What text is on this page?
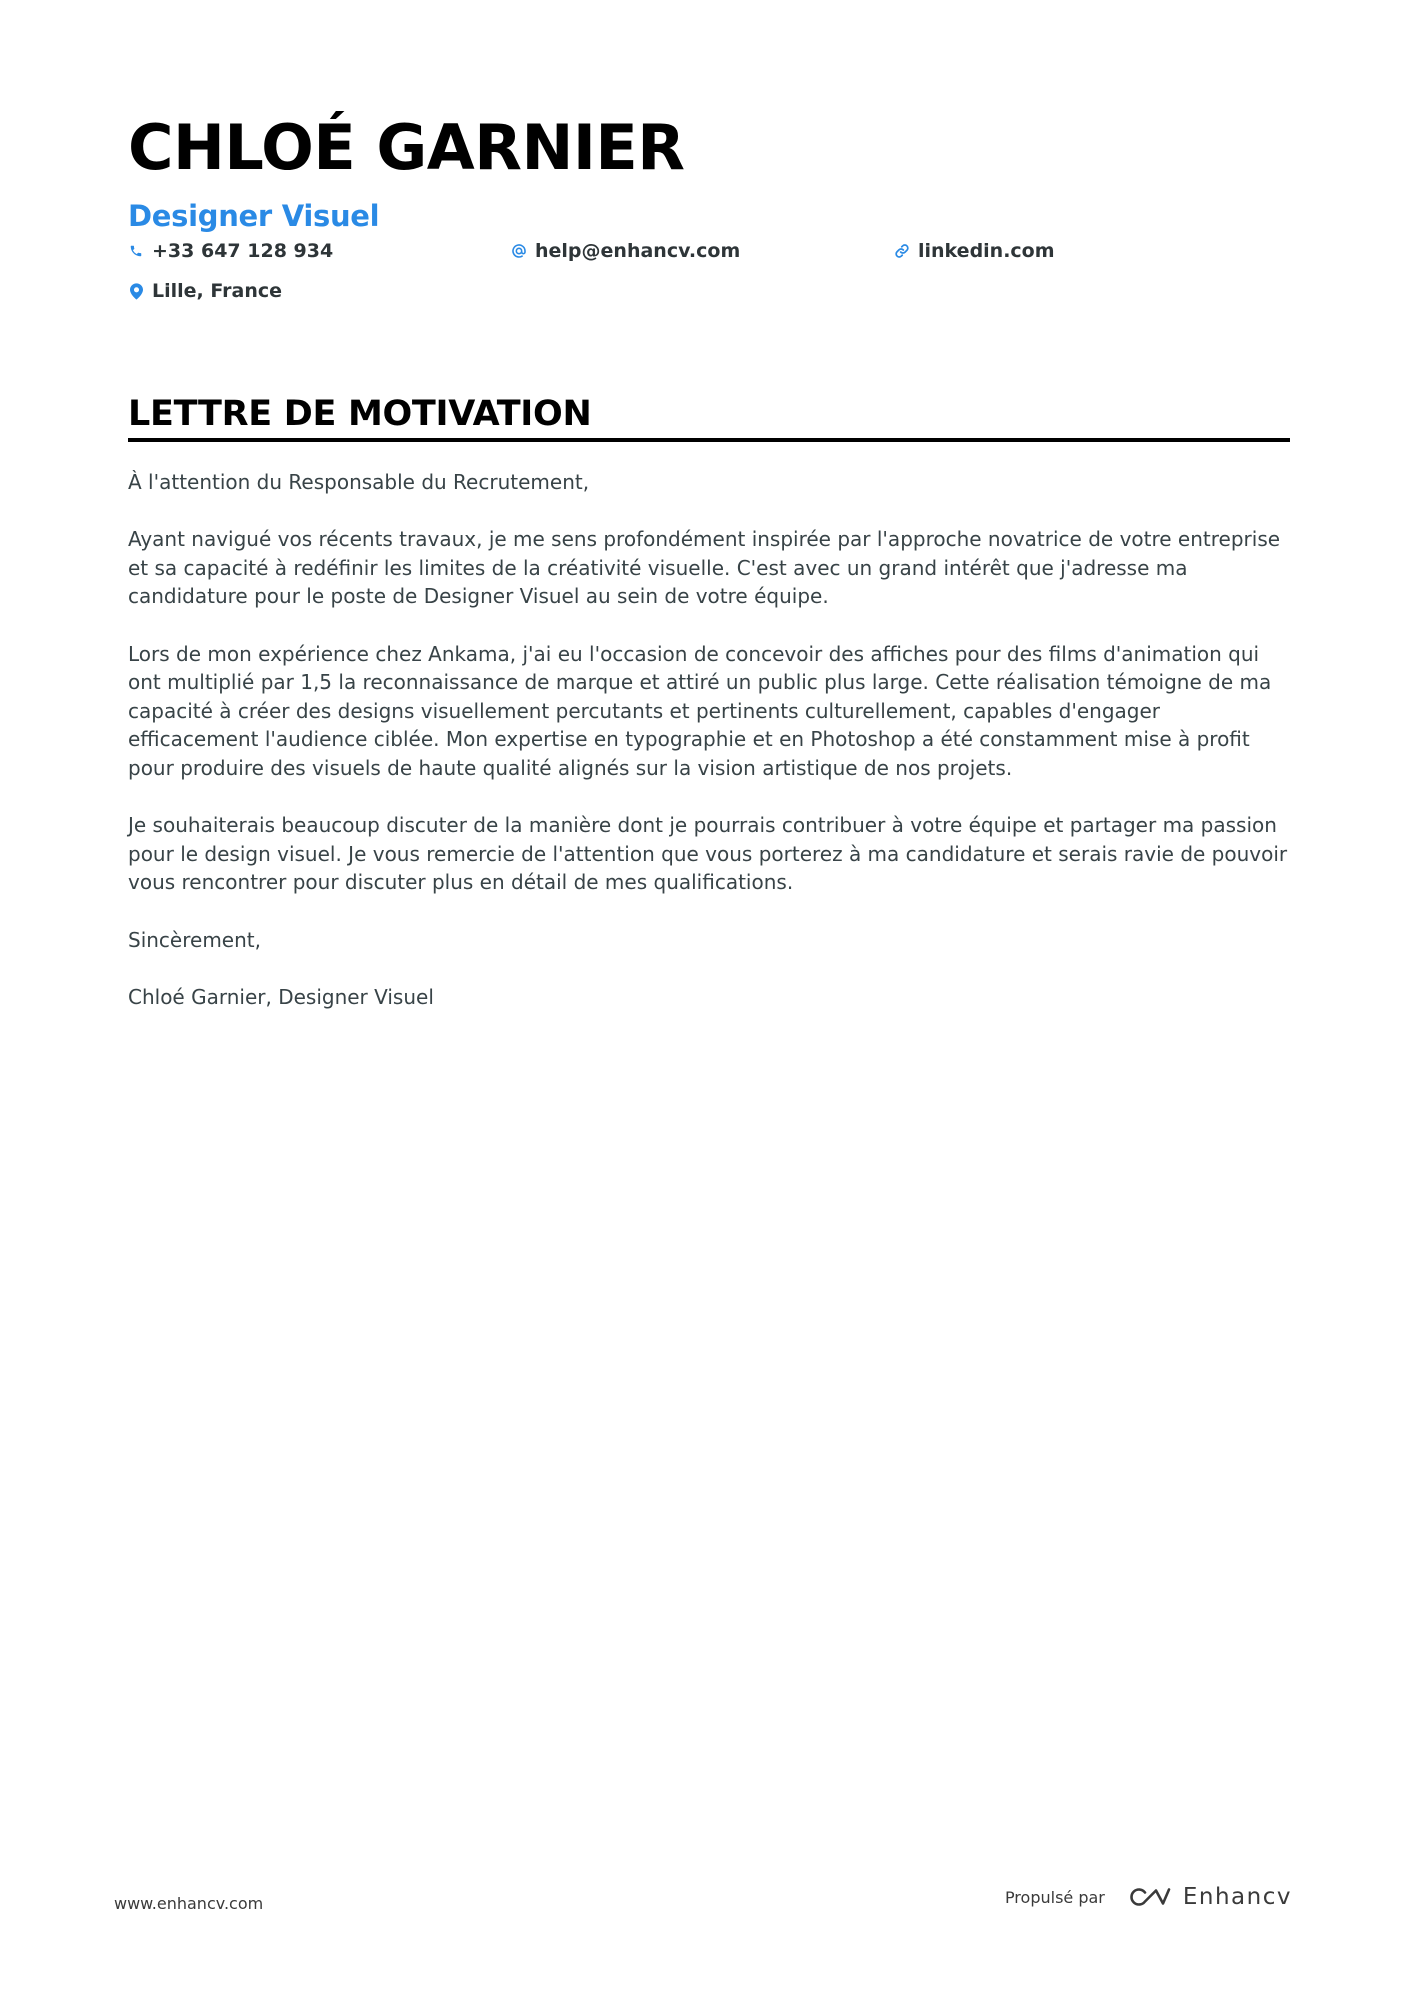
CHLOÉ GARNIER
Designer Visuel
+33 647 128 934	help@enhancv.com	linkedin.com
Lille, France
LETTRE DE MOTIVATION

À l'attention du Responsable du Recrutement,

Ayant navigué vos récents travaux, je me sens profondément inspirée par l'approche novatrice de votre entreprise et sa capacité à redéfinir les limites de la créativité visuelle. C'est avec un grand intérêt que j'adresse ma candidature pour le poste de Designer Visuel au sein de votre équipe.

Lors de mon expérience chez Ankama, j'ai eu l'occasion de concevoir des affiches pour des films d'animation qui ont multiplié par 1,5 la reconnaissance de marque et attiré un public plus large. Cette réalisation témoigne de ma capacité à créer des designs visuellement percutants et pertinents culturellement, capables d'engager efficacement l'audience ciblée. Mon expertise en typographie et en Photoshop a été constamment mise à profit pour produire des visuels de haute qualité alignés sur la vision artistique de nos projets.

Je souhaiterais beaucoup discuter de la manière dont je pourrais contribuer à votre équipe et partager ma passion pour le design visuel. Je vous remercie de l'attention que vous porterez à ma candidature et serais ravie de pouvoir vous rencontrer pour discuter plus en détail de mes qualifications.

Sincèrement,

Chloé Garnier, Designer Visuel

www.enhancv.com	Propulsé par	Enhancv
